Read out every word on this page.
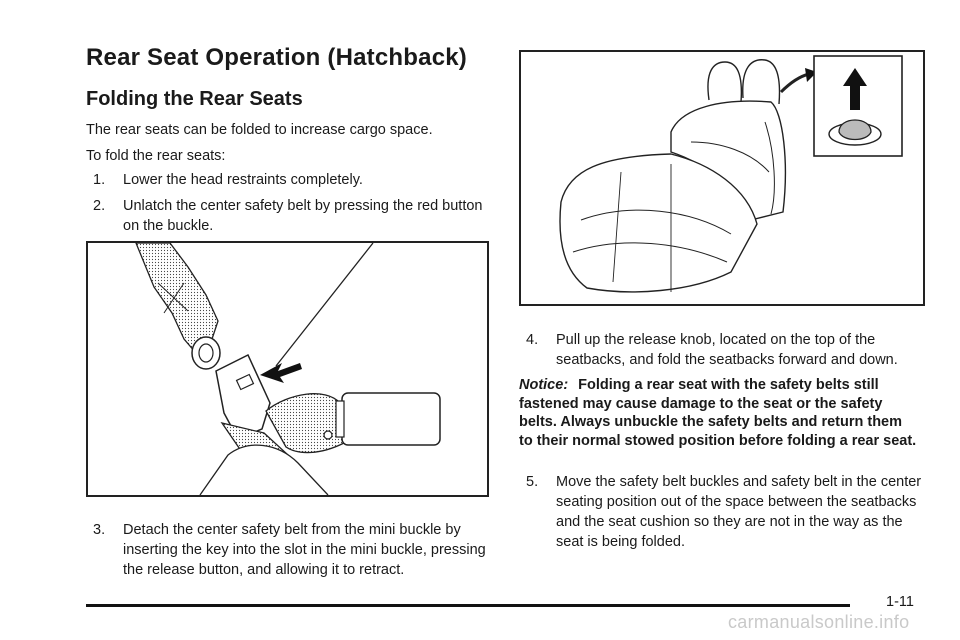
Rear Seat Operation (Hatchback)
Folding the Rear Seats

The rear seats can be folded to increase cargo space.

To fold the rear seats:

1.	Lower the head restraints completely.
2.	Unlatch the center safety belt by pressing the red button on the buckle.
3.	Detach the center safety belt from the mini buckle by inserting the key into the slot in the mini buckle, pressing the release button, and allowing it to retract.
4.	Pull up the release knob, located on the top of the seatbacks, and fold the seatbacks forward and down.
Notice: Folding a rear seat with the safety belts still fastened may cause damage to the seat or the safety belts. Always unbuckle the safety belts and return them to their normal stowed position before folding a rear seat.
5.	Move the safety belt buckles and safety belt in the center seating position out of the space between the seatbacks and the seat cushion so they are not in the way as the seat is being folded.
1-11
carmanualsonline.info
